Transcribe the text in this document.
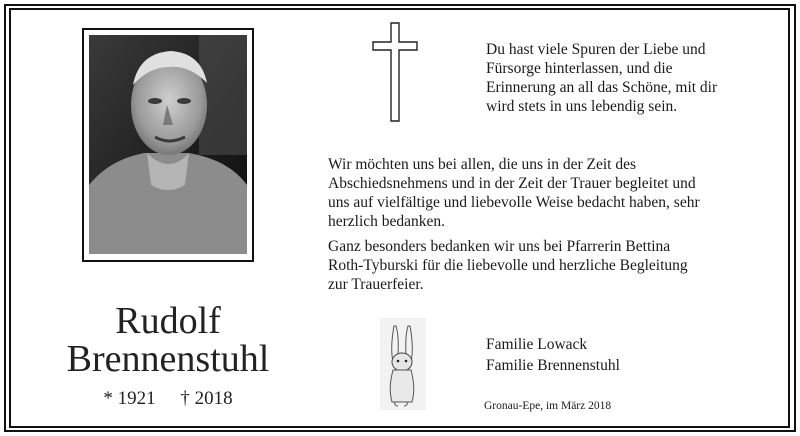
Rudolf
Brennenstuhl
* 1921 † 2018
Du hast viele Spuren der Liebe und
Fürsorge hinterlassen, und die
Erinnerung an all das Schöne, mit dir
wird stets in uns lebendig sein.
Wir möchten uns bei allen, die uns in der Zeit des
Abschiedsnehmens und in der Zeit der Trauer begleitet und
uns auf vielfältige und liebevolle Weise bedacht haben, sehr
herzlich bedanken.
Ganz besonders bedanken wir uns bei Pfarrerin Bettina
Roth-Tyburski für die liebevolle und herzliche Begleitung
zur Trauerfeier.
Familie Lowack
Familie Brennenstuhl
Gronau-Epe, im März 2018
